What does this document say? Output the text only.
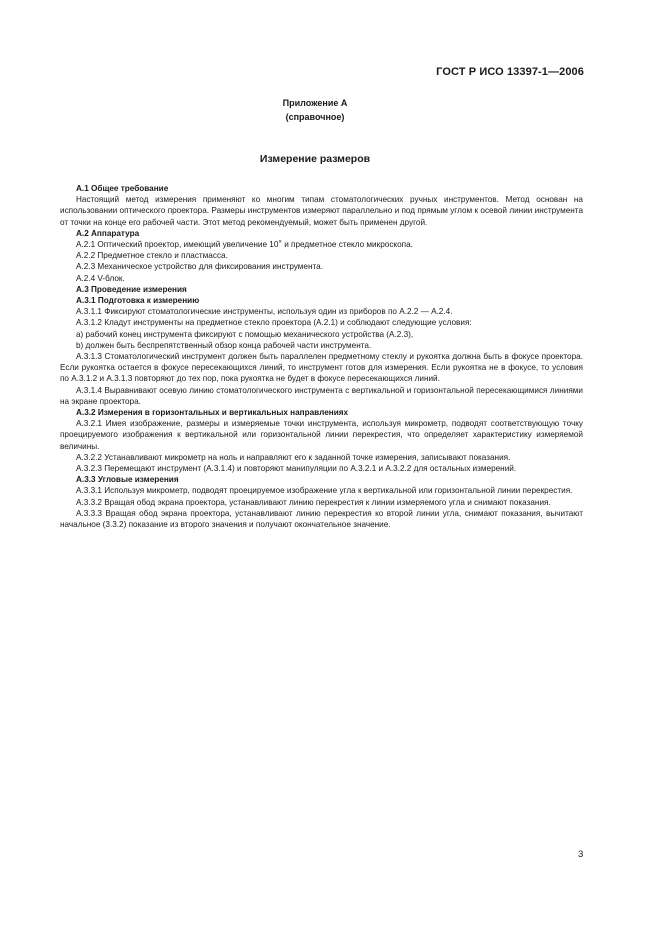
ГОСТ Р ИСО 13397-1—2006
Приложение А
(справочное)
Измерение размеров

А.1 Общее требование

Настоящий метод измерения применяют ко многим типам стоматологических ручных инструментов. Метод основан на использовании оптического проектора. Размеры инструментов измеряют параллельно и под прямым углом к осевой линии инструмента от точки на конце его рабочей части. Этот метод рекомендуемый, может быть применен другой.

А.2 Аппаратура

А.2.1 Оптический проектор, имеющий увеличение 10× и предметное стекло микроскопа.

А.2.2 Предметное стекло и пластмасса.

А.2.3 Механическое устройство для фиксирования инструмента.

А.2.4 V-блок.

А.3 Проведение измерения

А.3.1 Подготовка к измерению

А.3.1.1 Фиксируют стоматологические инструменты, используя один из приборов по А.2.2 — А.2.4.

А.3.1.2 Кладут инструменты на предметное стекло проектора (А.2.1) и соблюдают следующие условия:

а) рабочий конец инструмента фиксируют с помощью механического устройства (А.2.3),

b) должен быть беспрепятственный обзор конца рабочей части инструмента.

А.3.1.3 Стоматологический инструмент должен быть параллелен предметному стеклу и рукоятка должна быть в фокусе проектора. Если рукоятка остается в фокусе пересекающихся линий, то инструмент готов для измерения. Если рукоятка не в фокусе, то условия по А.3.1.2 и А.3.1.3 повторяют до тех пор, пока рукоятка не будет в фокусе пересекающихся линий.

А.3.1.4 Выравнивают осевую линию стоматологического инструмента с вертикальной и горизонтальной пересекающимися линиями на экране проектора.

А.3.2 Измерения в горизонтальных и вертикальных направлениях

А.3.2.1 Имея изображение, размеры и измеряемые точки инструмента, используя микрометр, подводят соответствующую точку проецируемого изображения к вертикальной или горизонтальной линии перекрестия, что определяет характеристику измеряемой величины.

А.3.2.2 Устанавливают микрометр на ноль и направляют его к заданной точке измерения, записывают показания.

А.3.2.3 Перемещают инструмент (А.3.1.4) и повторяют манипуляции по А.3.2.1 и А.3.2.2 для остальных измерений.

А.3.3 Угловые измерения

А.3.3.1 Используя микрометр, подводят проецируемое изображение угла к вертикальной или горизонтальной линии перекрестия.

А.3.3.2 Вращая обод экрана проектора, устанавливают линию перекрестия к линии измеряемого угла и снимают показания.

А.3.3.3 Вращая обод экрана проектора, устанавливают линию перекрестия ко второй линии угла, снимают показания, вычитают начальное (3.3.2) показание из второго значения и получают окончательное значение.

3
